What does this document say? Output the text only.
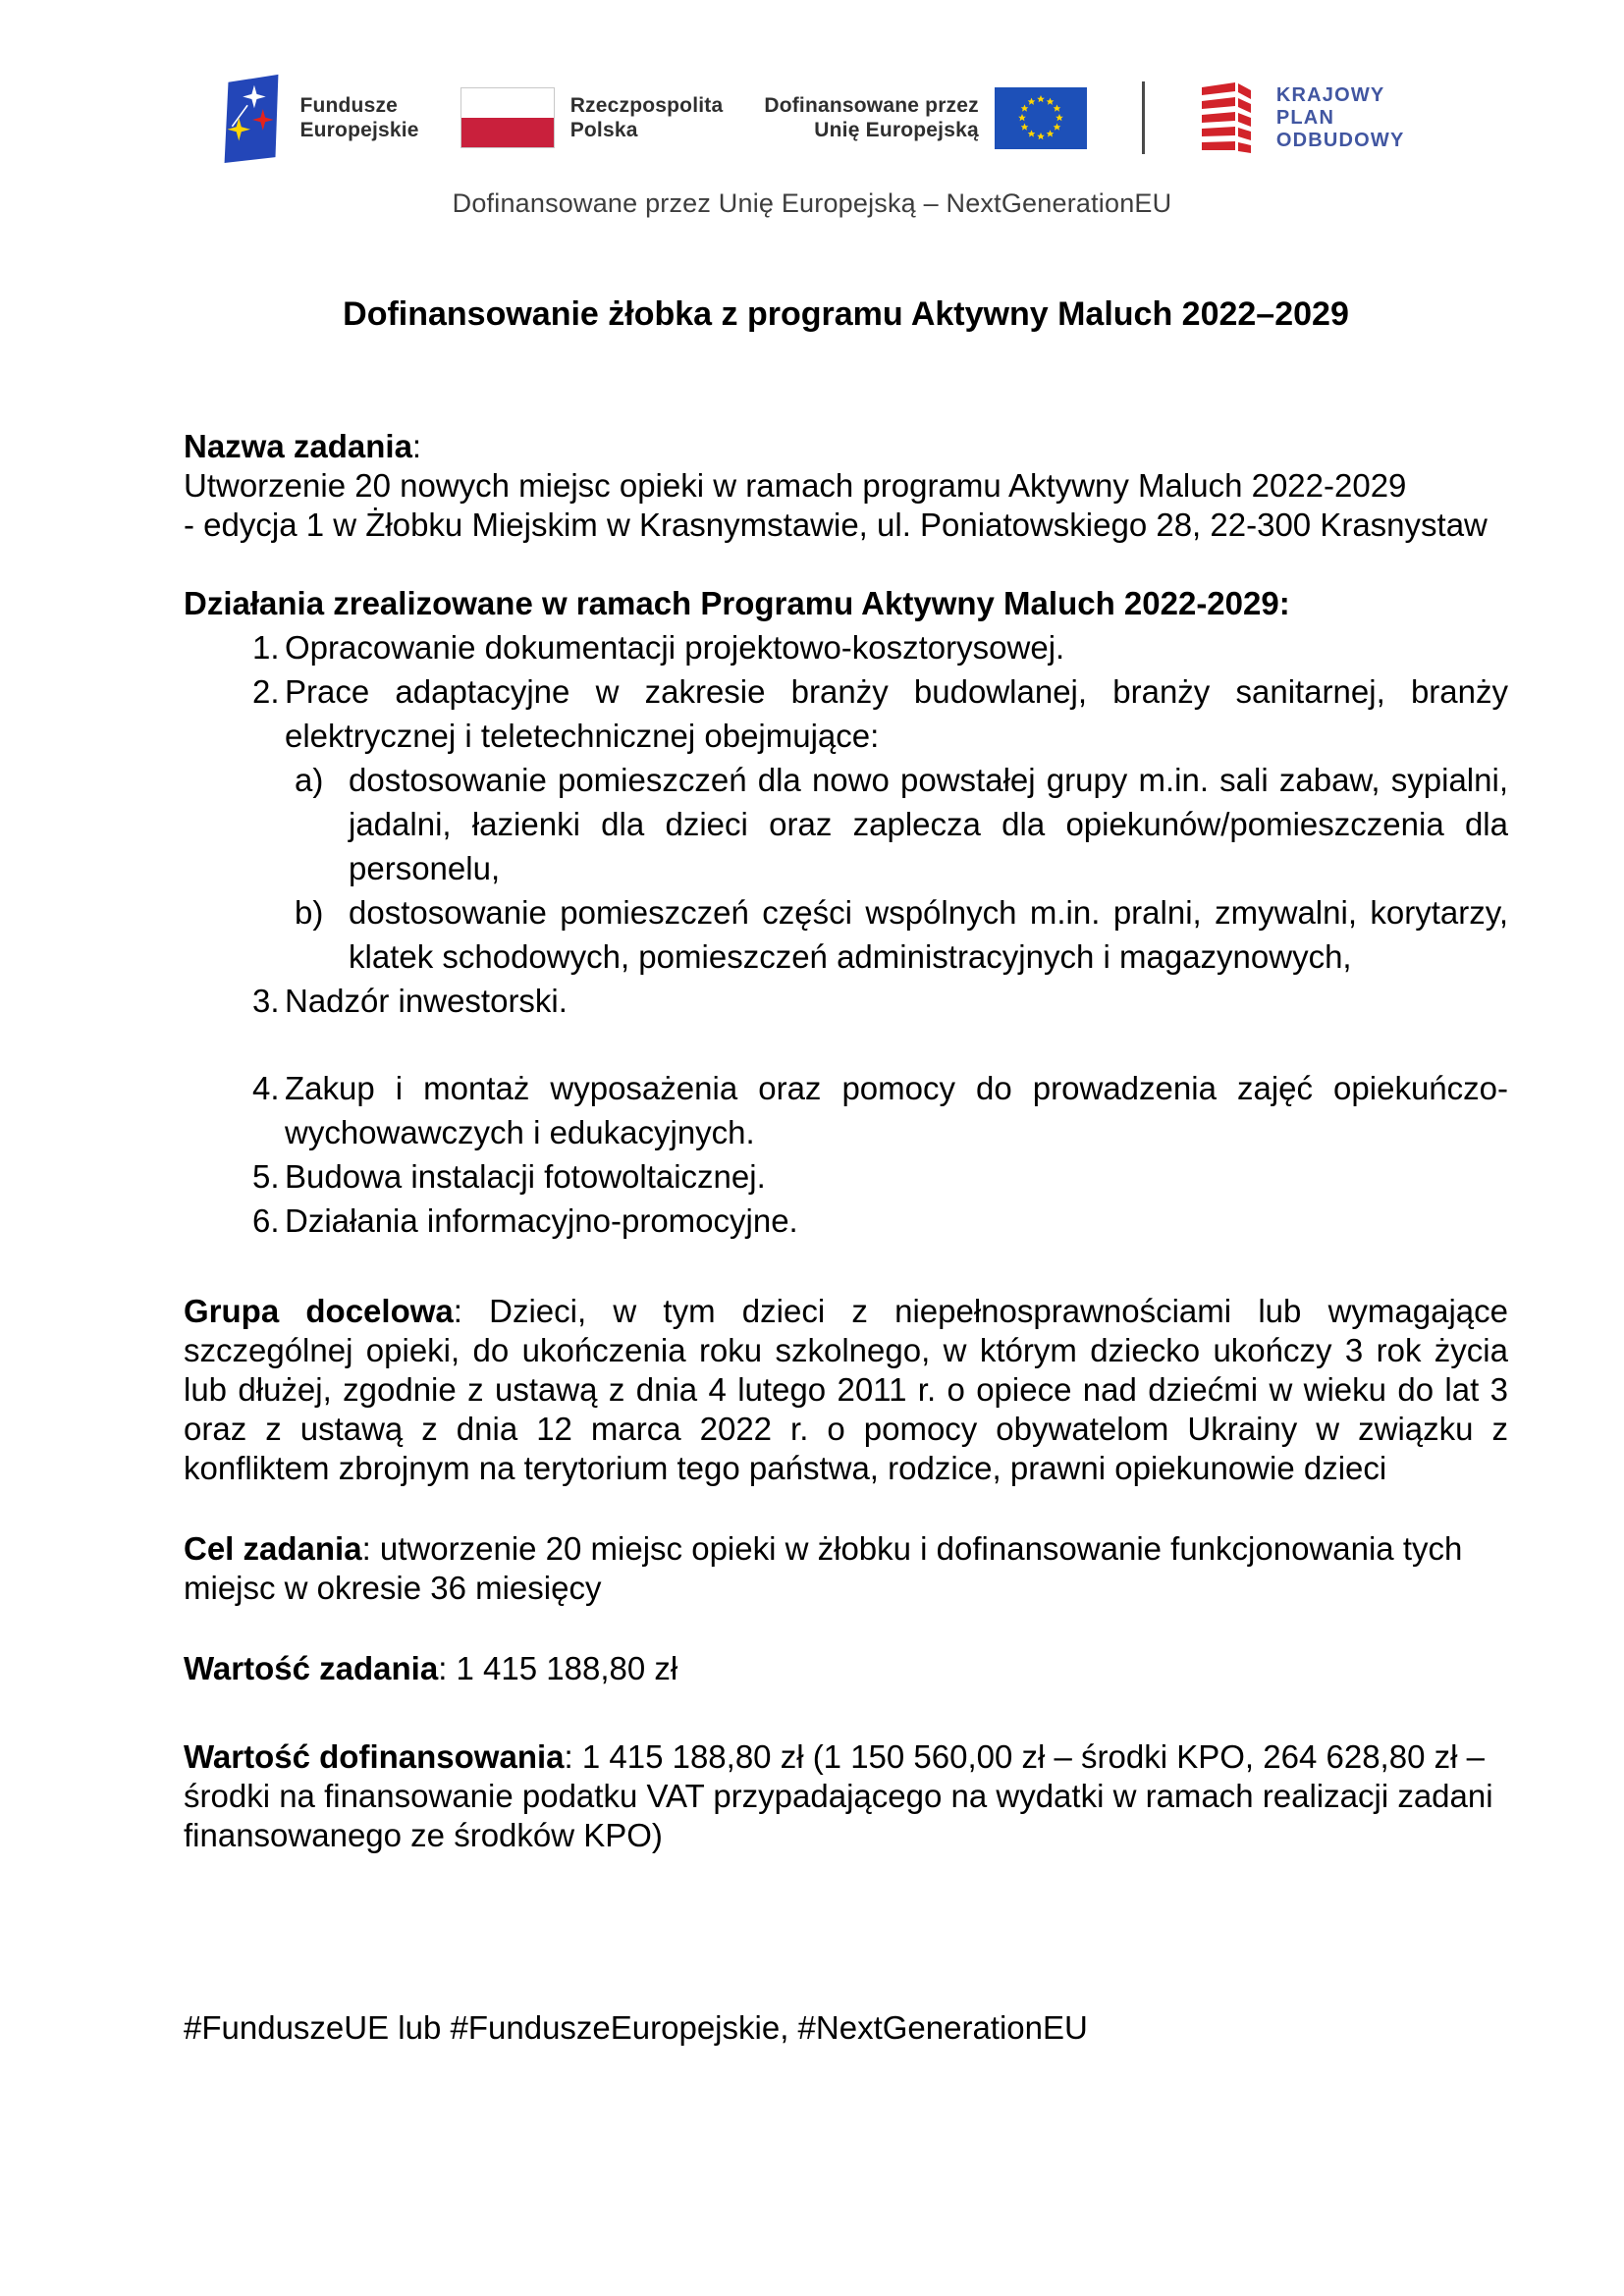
Fundusze
Europejskie
Rzeczpospolita
Polska
Dofinansowane przez
Unię Europejską
KRAJOWY
PLAN
ODBUDOWY
Dofinansowane przez Unię Europejską – NextGenerationEU
Dofinansowanie żłobka z programu Aktywny Maluch 2022–2029
Nazwa zadania:
Utworzenie 20 nowych miejsc opieki w ramach programu Aktywny Maluch 2022-2029
- edycja 1 w Żłobku Miejskim w Krasnymstawie, ul. Poniatowskiego 28, 22-300 Krasnystaw
Działania zrealizowane w ramach Programu Aktywny Maluch 2022-2029:
1. Opracowanie dokumentacji projektowo-kosztorysowej.
2. Prace adaptacyjne w zakresie branży budowlanej, branży sanitarnej, branży elektrycznej i teletechnicznej obejmujące:
a) dostosowanie pomieszczeń dla nowo powstałej grupy m.in. sali zabaw, sypialni, jadalni, łazienki dla dzieci oraz zaplecza dla opiekunów/pomieszczenia dla personelu,
b) dostosowanie pomieszczeń części wspólnych m.in. pralni, zmywalni, korytarzy, klatek schodowych, pomieszczeń administracyjnych i magazynowych,
3. Nadzór inwestorski.
4. Zakup i montaż wyposażenia oraz pomocy do prowadzenia zajęć opiekuńczo-wychowawczych i edukacyjnych.
5. Budowa instalacji fotowoltaicznej.
6. Działania informacyjno-promocyjne.
Grupa docelowa: Dzieci, w tym dzieci z niepełnosprawnościami lub wymagające szczególnej opieki, do ukończenia roku szkolnego, w którym dziecko ukończy 3 rok życia lub dłużej, zgodnie z ustawą z dnia 4 lutego 2011 r. o opiece nad dziećmi w wieku do lat 3 oraz z ustawą z dnia 12 marca 2022 r. o pomocy obywatelom Ukrainy w związku z konfliktem zbrojnym na terytorium tego państwa, rodzice, prawni opiekunowie dzieci
Cel zadania: utworzenie 20 miejsc opieki w żłobku i dofinansowanie funkcjonowania tych miejsc w okresie 36 miesięcy
Wartość zadania: 1 415 188,80 zł
Wartość dofinansowania: 1 415 188,80 zł (1 150 560,00 zł – środki KPO, 264 628,80 zł – środki na finansowanie podatku VAT przypadającego na wydatki w ramach realizacji zadani finansowanego ze środków KPO)
#FunduszeUE lub #FunduszeEuropejskie, #NextGenerationEU
